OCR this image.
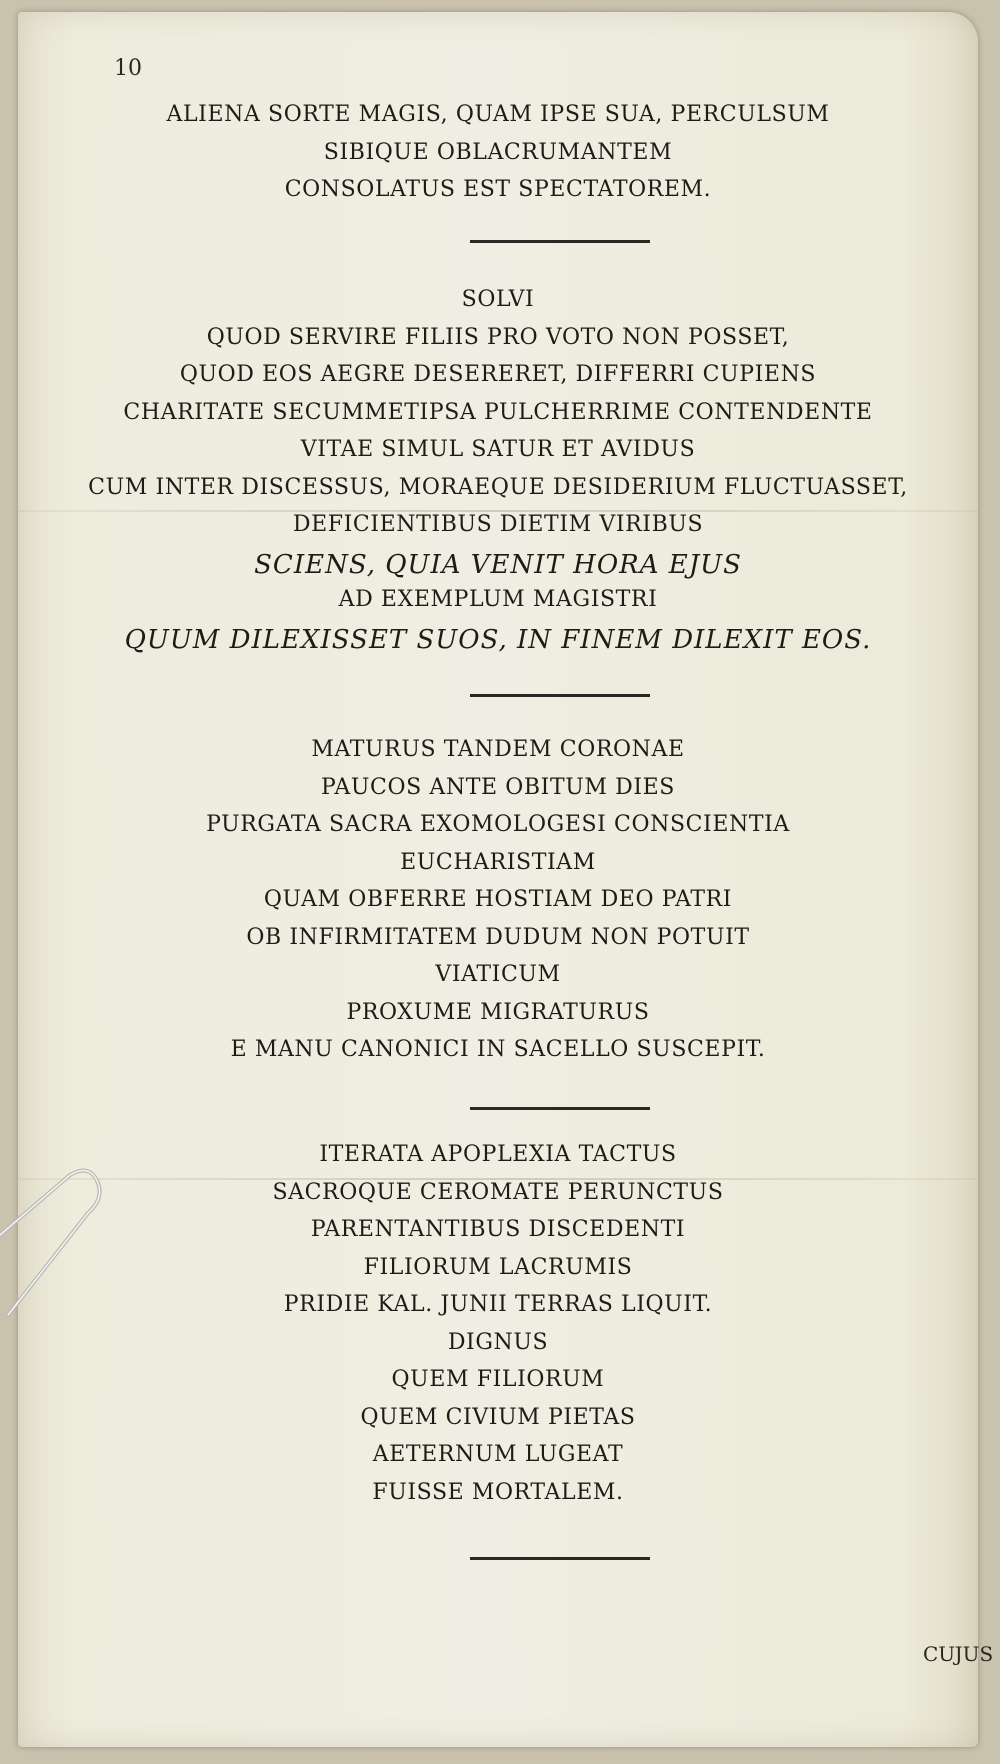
10
ALIENA SORTE MAGIS, QUAM IPSE SUA, PERCULSUM
SIBIQUE OBLACRUMANTEM
CONSOLATUS EST SPECTATOREM.
SOLVI
QUOD SERVIRE FILIIS PRO VOTO NON POSSET,
QUOD EOS AEGRE DESERERET, DIFFERRI CUPIENS
CHARITATE SECUMMETIPSA PULCHERRIME CONTENDENTE
VITAE SIMUL SATUR ET AVIDUS
CUM INTER DISCESSUS, MORAEQUE DESIDERIUM FLUCTUASSET,
DEFICIENTIBUS DIETIM VIRIBUS
SCIENS, QUIA VENIT HORA EJUS
AD EXEMPLUM MAGISTRI
QUUM DILEXISSET SUOS, IN FINEM DILEXIT EOS.
MATURUS TANDEM CORONAE
PAUCOS ANTE OBITUM DIES
PURGATA SACRA EXOMOLOGESI CONSCIENTIA
EUCHARISTIAM
QUAM OBFERRE HOSTIAM DEO PATRI
OB INFIRMITATEM DUDUM NON POTUIT
VIATICUM
PROXUME MIGRATURUS
E MANU CANONICI IN SACELLO SUSCEPIT.
ITERATA APOPLEXIA TACTUS
SACROQUE CEROMATE PERUNCTUS
PARENTANTIBUS DISCEDENTI
FILIORUM LACRUMIS
PRIDIE KAL. JUNII TERRAS LIQUIT.
DIGNUS
QUEM FILIORUM
QUEM CIVIUM PIETAS
AETERNUM LUGEAT
FUISSE MORTALEM.
CUJUS
